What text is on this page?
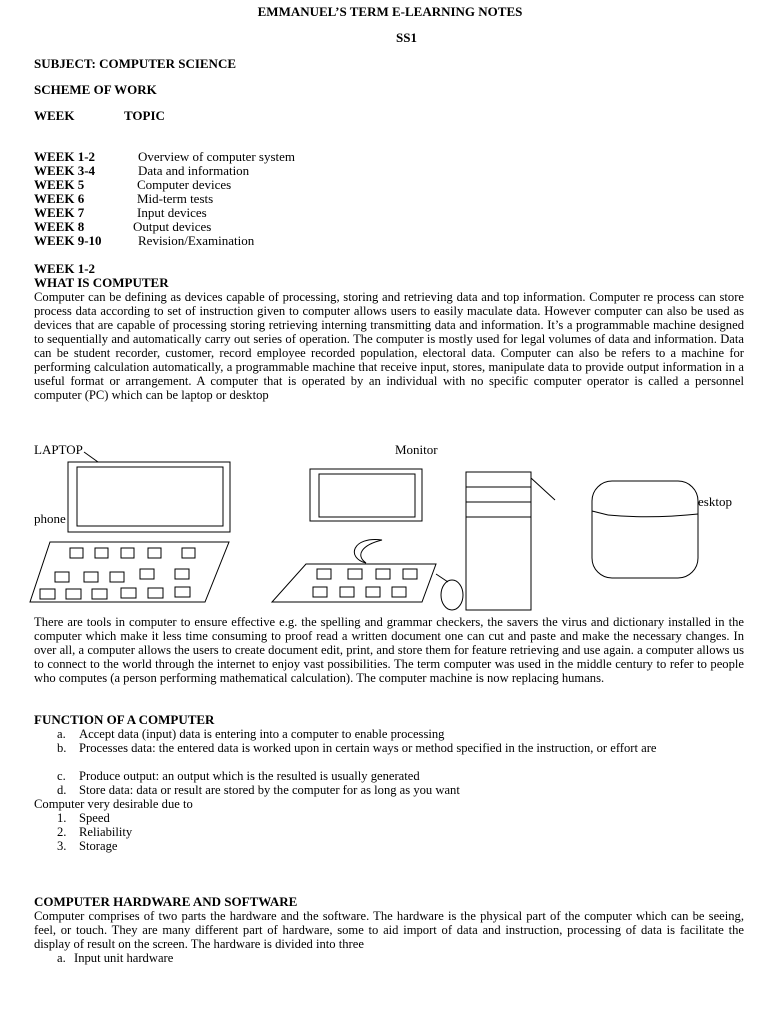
EMMANUEL’S TERM E-LEARNING NOTES
SS1
SUBJECT: COMPUTER SCIENCE
SCHEME OF WORK
WEEK	TOPIC
WEEK 1-2	Overview of computer system
WEEK 3-4	Data and information
WEEK 5	Computer devices
WEEK 6	Mid-term tests
WEEK 7	Input devices
WEEK 8	Output devices
WEEK 9-10	Revision/Examination
WEEK 1-2
WHAT IS COMPUTER
Computer can be defining as devices capable of processing, storing and retrieving data and top information. Computer re process can store process data according to set of instruction given to computer allows users to easily maculate data. However computer can also be used as devices that are capable of processing storing retrieving interning transmitting data and information. It’s a programmable machine designed to sequentially and automatically carry out series of operation. The computer is mostly used for legal volumes of data and information. Data can be student recorder, customer, record employee recorded population, electoral data. Computer can also be refers to a machine for performing calculation automatically, a programmable machine that receive input, stores, manipulate data to provide output information in a useful format or arrangement. A computer that is operated by an individual with no specific computer operator is called a personnel computer (PC) which can be laptop or desktop
LAPTOP	Monitor
esktop
phone
There are tools in computer to ensure effective e.g. the spelling and grammar checkers, the savers the virus and dictionary installed in the computer which make it less time consuming to proof read a written document one can cut and paste and make the necessary changes. In over all, a computer allows the users to create document edit, print, and store them for feature retrieving and use again. a computer allows us to connect to the world through the internet to enjoy vast possibilities. The term computer was used in the middle century to refer to people who computes (a person performing mathematical calculation). The computer machine is now replacing humans.
FUNCTION OF A COMPUTER
a. Accept data (input) data is entering into a computer to enable processing
b. Processes data: the entered data is worked upon in certain ways or method specified in the instruction, or effort are
c. Produce output: an output which is the resulted is usually generated
d. Store data: data or result are stored by the computer for as long as you want
Computer very desirable due to
1. Speed
2. Reliability
3. Storage
COMPUTER HARDWARE AND SOFTWARE
Computer comprises of two parts the hardware and the software. The hardware is the physical part of the computer which can be seeing, feel, or touch. They are many different part of hardware, some to aid import of data and instruction, processing of data is facilitate the display of result on the screen. The hardware is divided into three
a. Input unit hardware
